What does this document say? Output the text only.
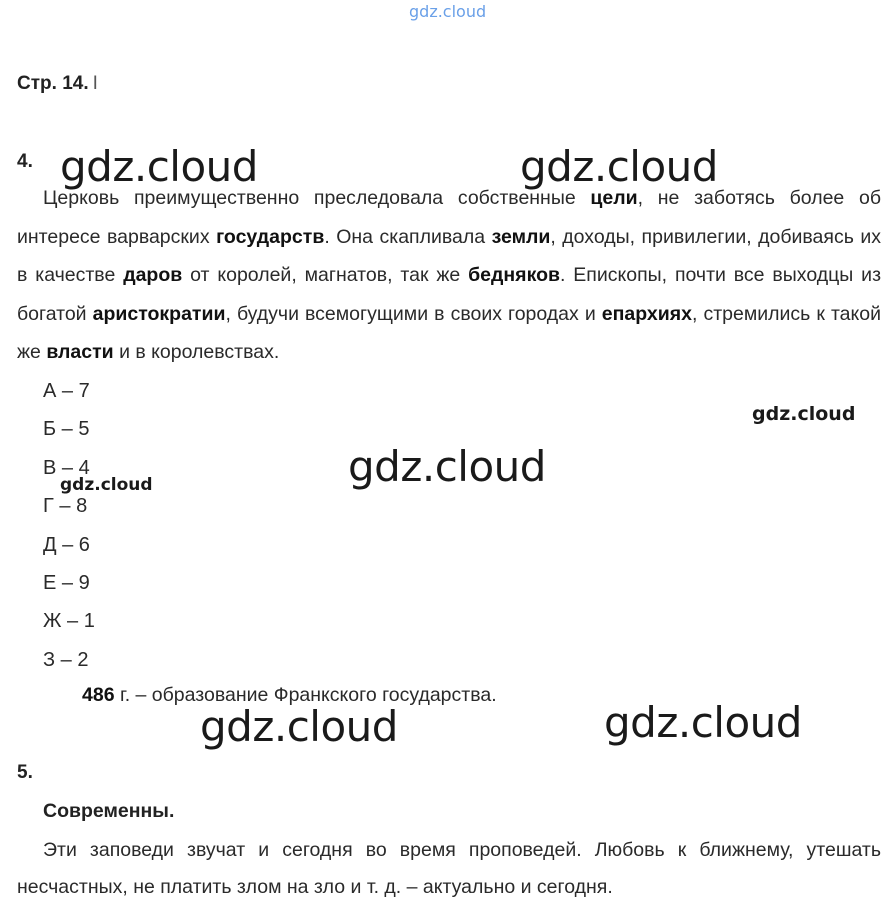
gdz.cloud
gdz.cloud	gdz.cloud
gdz.cloud
gdz.cloud
gdz.cloud
gdz.cloud	gdz.cloud
Стр. 14. I
4.
Церковь преимущественно преследовала собственные цели, не заботясь более об интересе варварских государств. Она скапливала земли, доходы, привилегии, добиваясь их в качестве даров от королей, магнатов, так же бедняков. Епископы, почти все выходцы из богатой аристократии, будучи всемогущими в своих городах и епархиях, стремились к такой же власти и в королевствах.
А – 7
Б – 5
В – 4
Г – 8
Д – 6
Е – 9
Ж – 1
З – 2
486 г. – образование Франкского государства.
5.
Современны.
Эти заповеди звучат и сегодня во время проповедей. Любовь к ближнему, утешать несчастных, не платить злом на зло и т. д. – актуально и сегодня.
